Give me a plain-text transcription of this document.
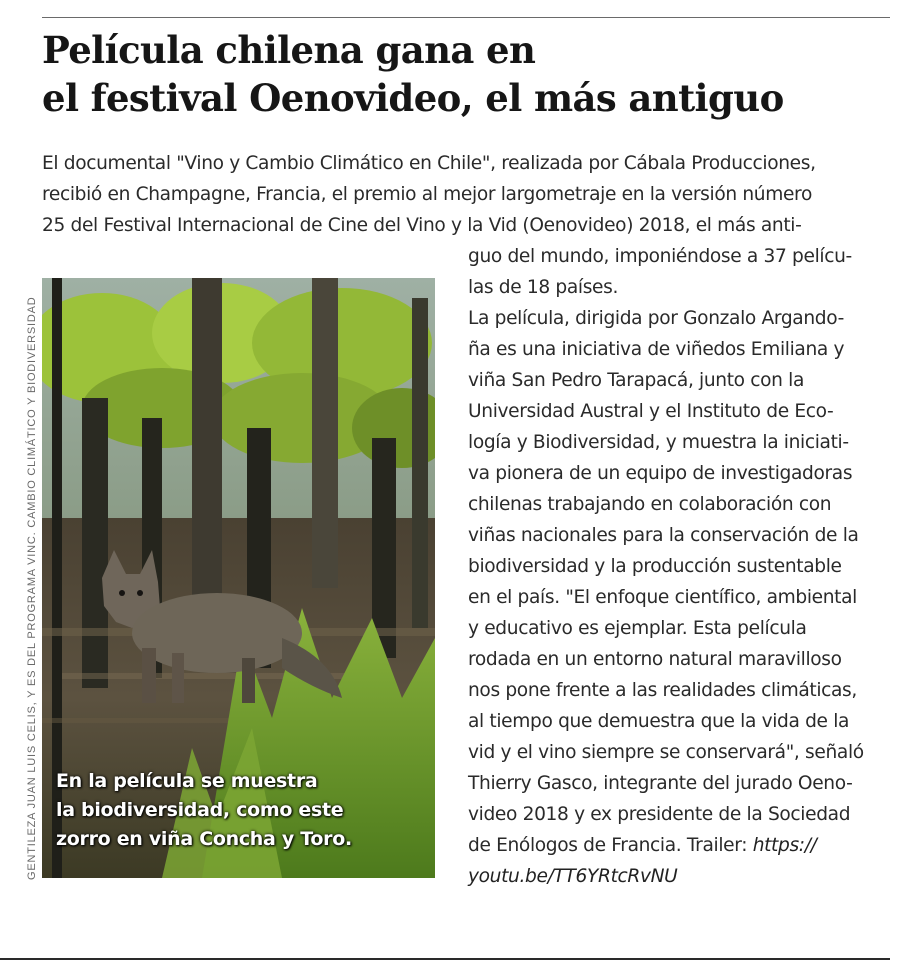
Película chilena gana en
el festival Oenovideo, el más antiguo
El documental "Vino y Cambio Climático en Chile", realizada por Cábala Producciones,
recibió en Champagne, Francia, el premio al mejor largometraje en la versión número
25 del Festival Internacional de Cine del Vino y la Vid (Oenovideo) 2018, el más anti-
En la película se muestra
la biodiversidad, como este
zorro en viña Concha y Toro.
GENTILEZA JUAN LUIS CELIS, Y ES DEL PROGRAMA VINC. CAMBIO CLIMÁTICO Y BIODIVERSIDAD
guo del mundo, imponiéndose a 37 pelícu-
las de 18 países.
La película, dirigida por Gonzalo Argando-
ña es una iniciativa de viñedos Emiliana y
viña San Pedro Tarapacá, junto con la
Universidad Austral y el Instituto de Eco-
logía y Biodiversidad, y muestra la iniciati-
va pionera de un equipo de investigadoras
chilenas trabajando en colaboración con
viñas nacionales para la conservación de la
biodiversidad y la producción sustentable
en el país. "El enfoque científico, ambiental
y educativo es ejemplar. Esta película
rodada en un entorno natural maravilloso
nos pone frente a las realidades climáticas,
al tiempo que demuestra que la vida de la
vid y el vino siempre se conservará", señaló
Thierry Gasco, integrante del jurado Oeno-
video 2018 y ex presidente de la Sociedad
de Enólogos de Francia. Trailer: https://
youtu.be/TT6YRtcRvNU
